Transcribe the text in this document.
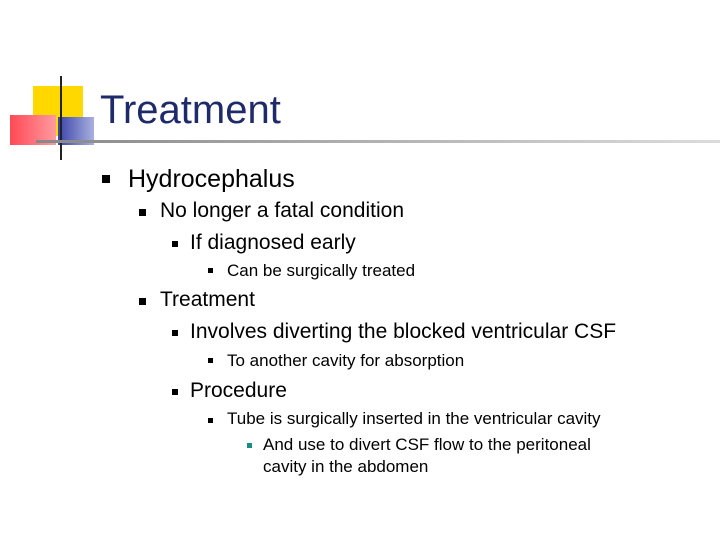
Treatment
Hydrocephalus
No longer a fatal condition
If diagnosed early
Can be surgically treated
Treatment
Involves diverting the blocked ventricular CSF
To another cavity for absorption
Procedure
Tube is surgically inserted in the ventricular cavity
And use to divert CSF flow to the peritoneal
cavity in the abdomen
